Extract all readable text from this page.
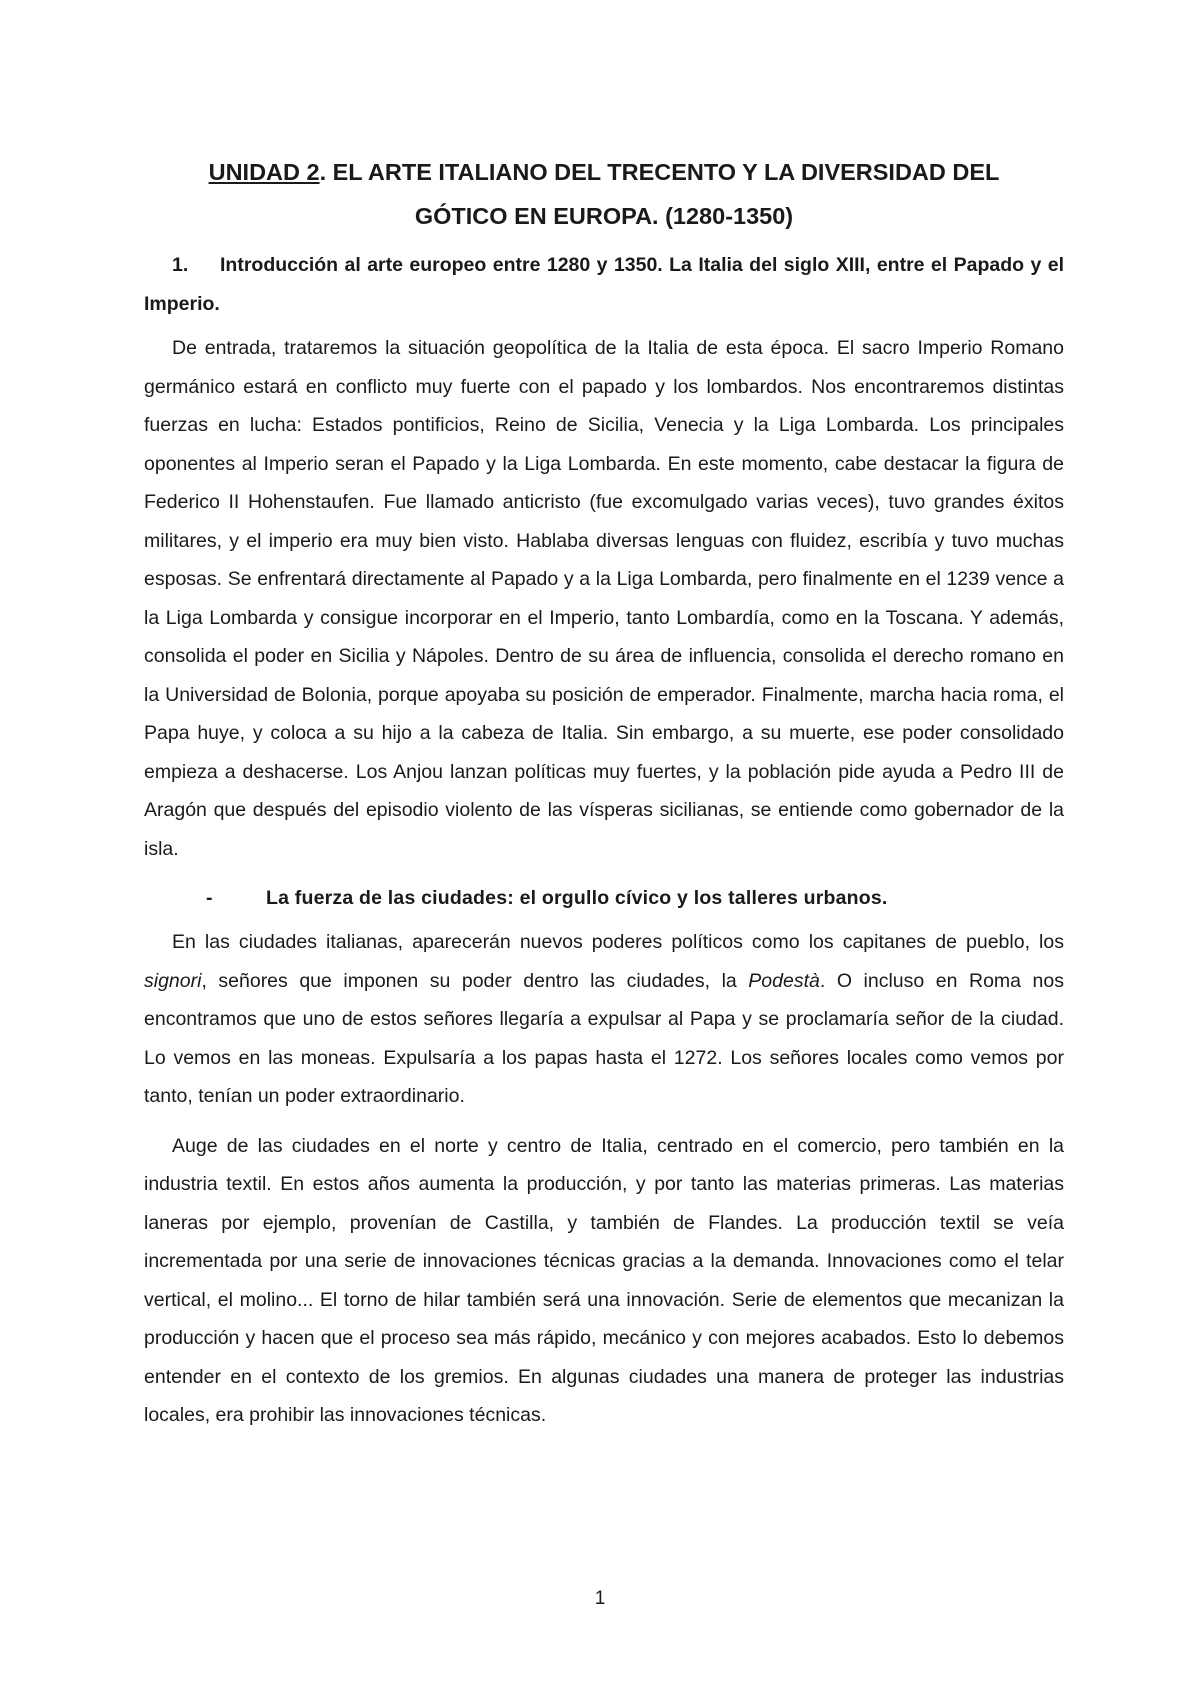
UNIDAD 2. EL ARTE ITALIANO DEL TRECENTO Y LA DIVERSIDAD DEL
GÓTICO EN EUROPA. (1280-1350)
1. Introducción al arte europeo entre 1280 y 1350. La Italia del siglo XIII, entre el Papado y el Imperio.

De entrada, trataremos la situación geopolítica de la Italia de esta época. El sacro Imperio Romano germánico estará en conflicto muy fuerte con el papado y los lombardos. Nos encontraremos distintas fuerzas en lucha: Estados pontificios, Reino de Sicilia, Venecia y la Liga Lombarda. Los principales oponentes al Imperio seran el Papado y la Liga Lombarda. En este momento, cabe destacar la figura de Federico II Hohenstaufen. Fue llamado anticristo (fue excomulgado varias veces), tuvo grandes éxitos militares, y el imperio era muy bien visto. Hablaba diversas lenguas con fluidez, escribía y tuvo muchas esposas. Se enfrentará directamente al Papado y a la Liga Lombarda, pero finalmente en el 1239 vence a la Liga Lombarda y consigue incorporar en el Imperio, tanto Lombardía, como en la Toscana. Y además, consolida el poder en Sicilia y Nápoles. Dentro de su área de influencia, consolida el derecho romano en la Universidad de Bolonia, porque apoyaba su posición de emperador. Finalmente, marcha hacia roma, el Papa huye, y coloca a su hijo a la cabeza de Italia. Sin embargo, a su muerte, ese poder consolidado empieza a deshacerse. Los Anjou lanzan políticas muy fuertes, y la población pide ayuda a Pedro III de Aragón que después del episodio violento de las vísperas sicilianas, se entiende como gobernador de la isla.

-	La fuerza de las ciudades: el orgullo cívico y los talleres urbanos.

En las ciudades italianas, aparecerán nuevos poderes políticos como los capitanes de pueblo, los signori, señores que imponen su poder dentro las ciudades, la Podestà. O incluso en Roma nos encontramos que uno de estos señores llegaría a expulsar al Papa y se proclamaría señor de la ciudad. Lo vemos en las moneas. Expulsaría a los papas hasta el 1272. Los señores locales como vemos por tanto, tenían un poder extraordinario.

Auge de las ciudades en el norte y centro de Italia, centrado en el comercio, pero también en la industria textil. En estos años aumenta la producción, y por tanto las materias primeras. Las materias laneras por ejemplo, provenían de Castilla, y también de Flandes. La producción textil se veía incrementada por una serie de innovaciones técnicas gracias a la demanda. Innovaciones como el telar vertical, el molino... El torno de hilar también será una innovación. Serie de elementos que mecanizan la producción y hacen que el proceso sea más rápido, mecánico y con mejores acabados. Esto lo debemos entender en el contexto de los gremios. En algunas ciudades una manera de proteger las industrias locales, era prohibir las innovaciones técnicas.

1
